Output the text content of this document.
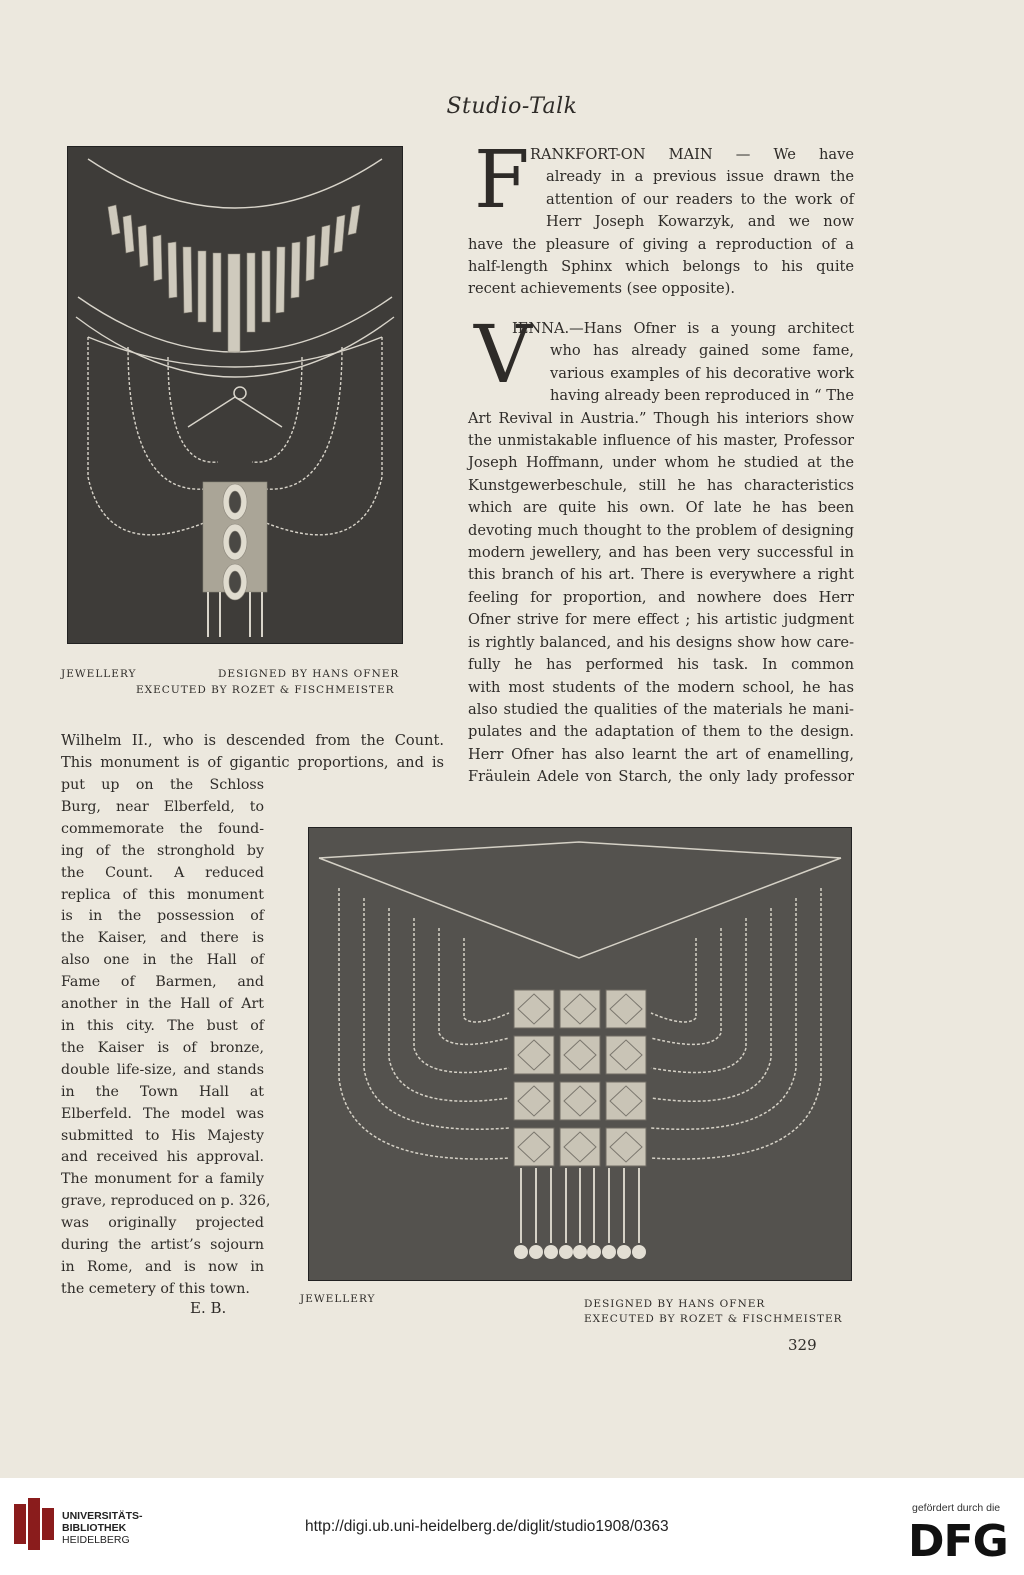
Studio-Talk
JEWELLERY	DESIGNED BY HANS OFNER
EXECUTED BY ROZET & FISCHMEISTER
F RANKFORT-ON MAIN — We have
already in a previous issue drawn the
attention of our readers to the work of
Herr Joseph Kowarzyk, and we now
have the pleasure of giving a reproduction of a
half-length Sphinx which belongs to his quite
recent achievements (see opposite).
V
IENNA.—Hans Ofner is a young architect
who has already gained some fame,
various examples of his decorative work
having already been reproduced in “ The
Art Revival in Austria.” Though his interiors show
the unmistakable influence of his master, Professor
Joseph Hoffmann, under whom he studied at the
Kunstgewerbeschule, still he has characteristics
which are quite his own. Of late he has been
devoting much thought to the problem of designing
modern jewellery, and has been very successful in
this branch of his art. There is everywhere a right
feeling for proportion, and nowhere does Herr
Ofner strive for mere effect ; his artistic judgment
is rightly balanced, and his designs show how care-
fully he has performed his task. In common
with most students of the modern school, he has
also studied the qualities of the materials he mani-
pulates and the adaptation of them to the design.
Herr Ofner has also learnt the art of enamelling,
Fräulein Adele von Starch, the only lady professor
Wilhelm II., who is descended from the Count.
This monument is of gigantic proportions, and is
put up on the Schloss
Burg, near Elberfeld, to
commemorate the found-
ing of the stronghold by
the Count. A reduced
replica of this monument
is in the possession of
the Kaiser, and there is
also one in the Hall of
Fame of Barmen, and
another in the Hall of Art
in this city. The bust of
the Kaiser is of bronze,
double life-size, and stands
in the Town Hall at
Elberfeld. The model was
submitted to His Majesty
and received his approval.
The monument for a family
grave, reproduced on p. 326,
was originally projected
during the artist’s sojourn
in Rome, and is now in
the cemetery of this town.
E. B.	JEWELLERY	DESIGNED BY HANS OFNER
EXECUTED BY ROZET & FISCHMEISTER
329
UNIVERSITÄTS-
BIBLIOTHEK
HEIDELBERG
http://digi.ub.uni-heidelberg.de/diglit/studio1908/0363
gefördert durch die
DFG
